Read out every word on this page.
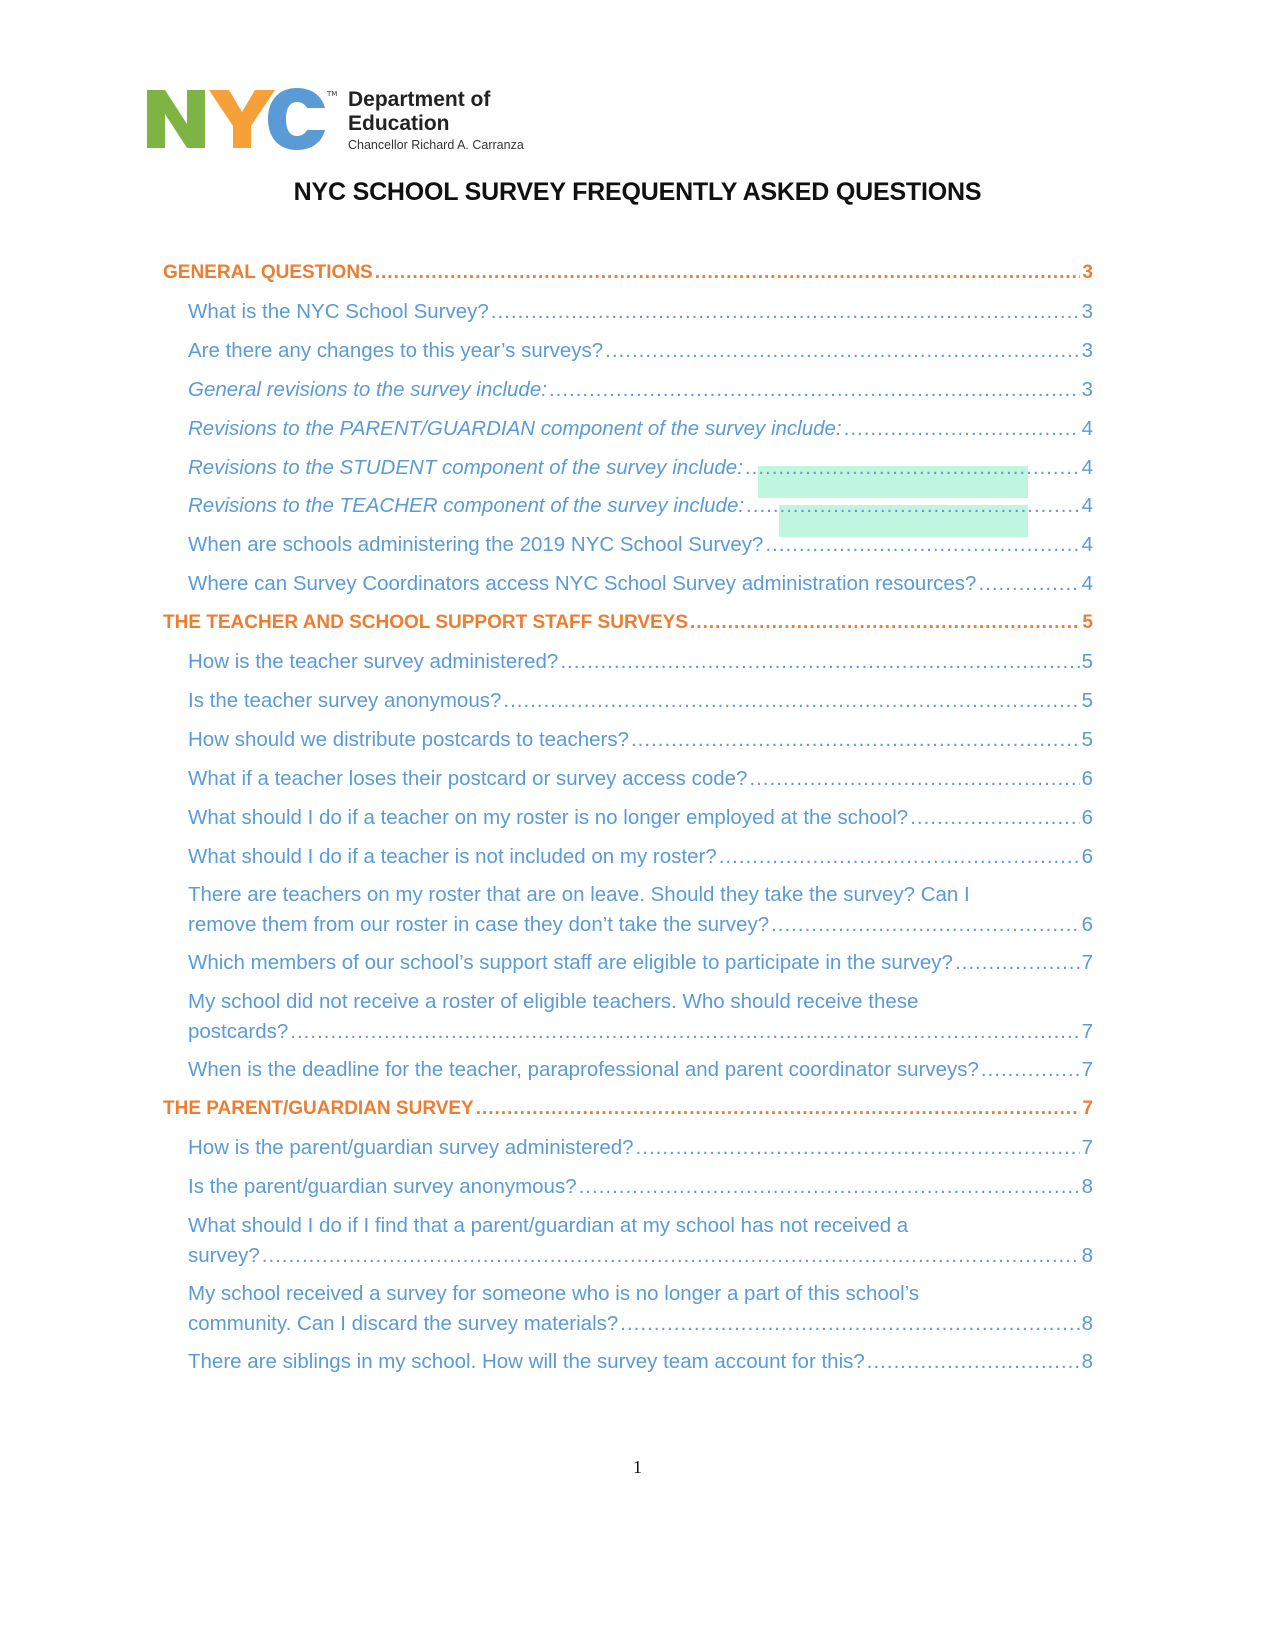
TM Department of
Education
Chancellor Richard A. Carranza
NYC SCHOOL SURVEY FREQUENTLY ASKED QUESTIONS
GENERAL QUESTIONS .....	3
What is the NYC School Survey? .....	3
Are there any changes to this year’s surveys? .....	3
General revisions to the survey include: .....	3
Revisions to the PARENT/GUARDIAN component of the survey include: .....	4
Revisions to the STUDENT component of the survey include: .....	4
Revisions to the TEACHER component of the survey include: .....	4
When are schools administering the 2019 NYC School Survey? .....	4
Where can Survey Coordinators access NYC School Survey administration resources? .....	4
THE TEACHER AND SCHOOL SUPPORT STAFF SURVEYS .....	5
How is the teacher survey administered? .....	5
Is the teacher survey anonymous? .....	5
How should we distribute postcards to teachers? .....	5
What if a teacher loses their postcard or survey access code? .....	6
What should I do if a teacher on my roster is no longer employed at the school? .....	6
What should I do if a teacher is not included on my roster? .....	6
There are teachers on my roster that are on leave. Should they take the survey? Can I
remove them from our roster in case they don’t take the survey? .....	6
Which members of our school’s support staff are eligible to participate in the survey? .....	7
My school did not receive a roster of eligible teachers. Who should receive these
postcards? .....	7
When is the deadline for the teacher, paraprofessional and parent coordinator surveys? .....	7
THE PARENT/GUARDIAN SURVEY .....	7
How is the parent/guardian survey administered? .....	7
Is the parent/guardian survey anonymous? .....	8
What should I do if I find that a parent/guardian at my school has not received a
survey? .....	8
My school received a survey for someone who is no longer a part of this school’s
community. Can I discard the survey materials? .....	8
There are siblings in my school. How will the survey team account for this? .....	8
1
